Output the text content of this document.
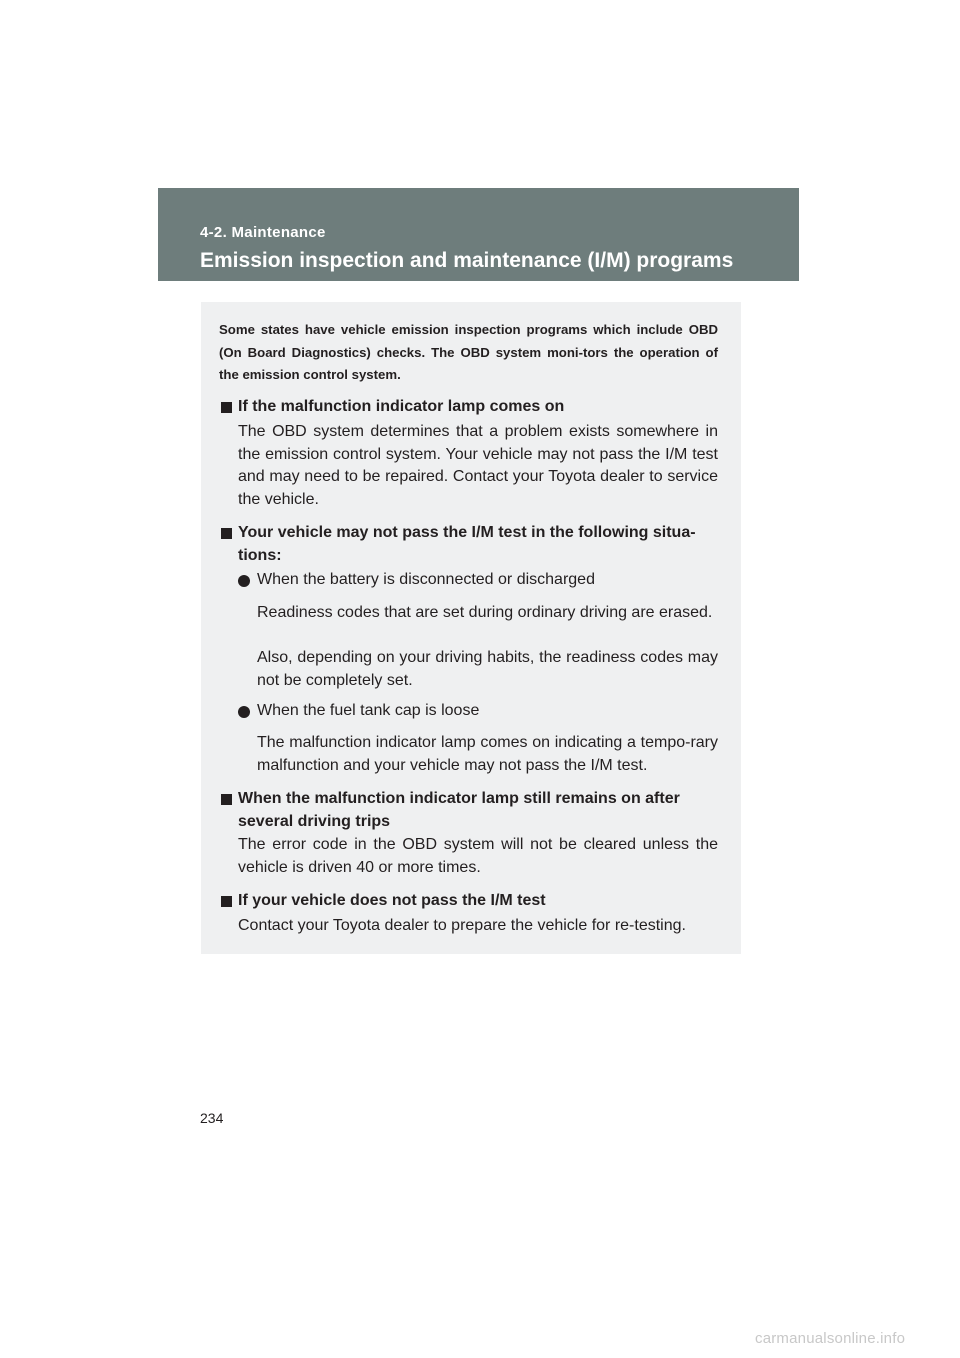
4-2. Maintenance
Emission inspection and maintenance (I/M) programs
Some states have vehicle emission inspection programs which include OBD (On Board Diagnostics) checks. The OBD system moni-tors the operation of the emission control system.
If the malfunction indicator lamp comes on
The OBD system determines that a problem exists somewhere in the emission control system. Your vehicle may not pass the I/M test and may need to be repaired. Contact your Toyota dealer to service the vehicle.
Your vehicle may not pass the I/M test in the following situa-tions:
When the battery is disconnected or discharged
Readiness codes that are set during ordinary driving are erased.
Also, depending on your driving habits, the readiness codes may not be completely set.
When the fuel tank cap is loose
The malfunction indicator lamp comes on indicating a tempo-rary malfunction and your vehicle may not pass the I/M test.
When the malfunction indicator lamp still remains on after several driving trips
The error code in the OBD system will not be cleared unless the vehicle is driven 40 or more times.
If your vehicle does not pass the I/M test
Contact your Toyota dealer to prepare the vehicle for re-testing.
234
carmanualsonline.info
